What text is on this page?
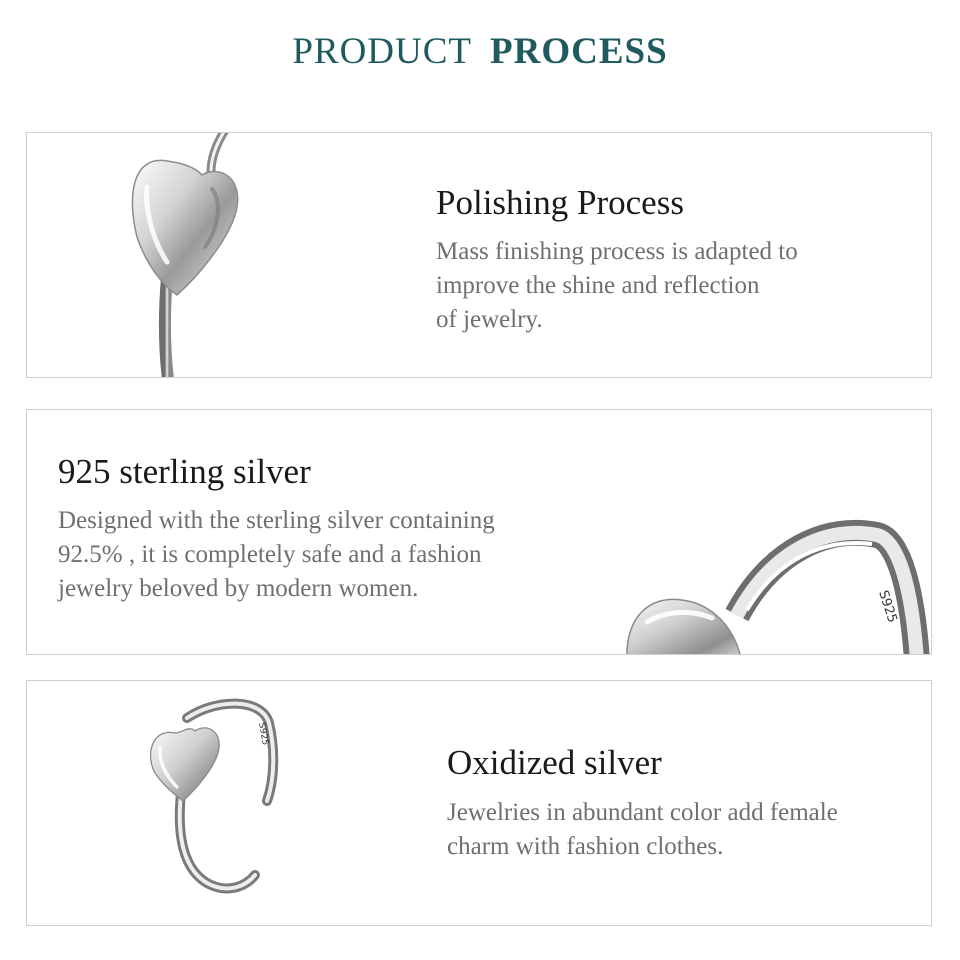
PRODUCT PROCESS
Polishing Process
Mass finishing process is adapted to
improve the shine and reflection
of jewelry.
925 sterling silver
Designed with the sterling silver containing
92.5% , it is completely safe and a fashion
jewelry beloved by modern women.
S925
S925
Oxidized silver
Jewelries in abundant color add female
charm with fashion clothes.
